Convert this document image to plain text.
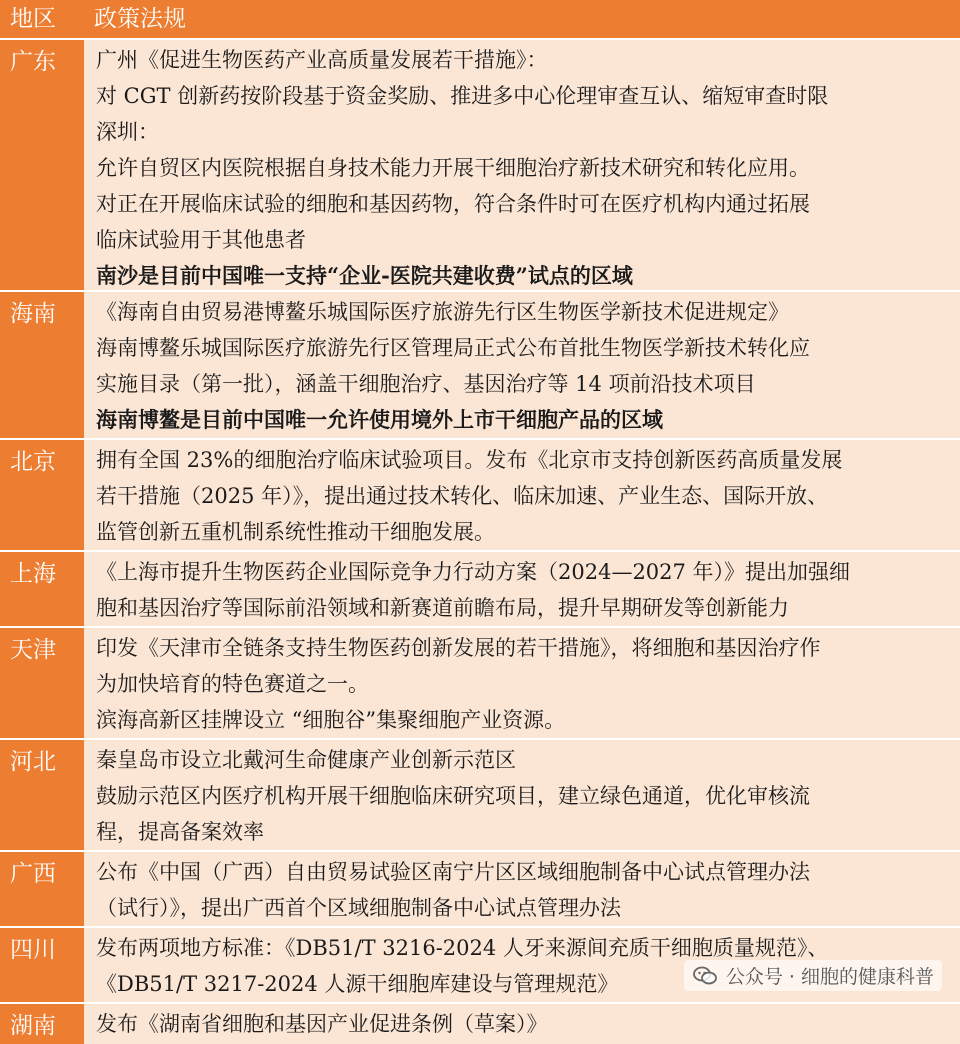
地区	政策法规
广东	广州《促进生物医药产业高质量发展若干措施》：
对 CGT 创新药按阶段基于资金奖励、推进多中心伦理审查互认、缩短审查时限
深圳：
允许自贸区内医院根据自身技术能力开展干细胞治疗新技术研究和转化应用。
对正在开展临床试验的细胞和基因药物，符合条件时可在医疗机构内通过拓展
临床试验用于其他患者
南沙是目前中国唯一支持“企业-医院共建收费”试点的区域
海南	《海南自由贸易港博鳌乐城国际医疗旅游先行区生物医学新技术促进规定》
海南博鳌乐城国际医疗旅游先行区管理局正式公布首批生物医学新技术转化应
实施目录（第一批），涵盖干细胞治疗、基因治疗等 14 项前沿技术项目
海南博鳌是目前中国唯一允许使用境外上市干细胞产品的区域
北京	拥有全国 23%的细胞治疗临床试验项目。发布《北京市支持创新医药高质量发展
若干措施（2025 年）》，提出通过技术转化、临床加速、产业生态、国际开放、
监管创新五重机制系统性推动干细胞发展。
上海	《上海市提升生物医药企业国际竞争力行动方案（2024—2027 年）》提出加强细
胞和基因治疗等国际前沿领域和新赛道前瞻布局，提升早期研发等创新能力
天津	印发《天津市全链条支持生物医药创新发展的若干措施》，将细胞和基因治疗作
为加快培育的特色赛道之一。
滨海高新区挂牌设立 “细胞谷”集聚细胞产业资源。
河北	秦皇岛市设立北戴河生命健康产业创新示范区
鼓励示范区内医疗机构开展干细胞临床研究项目，建立绿色通道，优化审核流
程，提高备案效率
广西	公布《中国（广西）自由贸易试验区南宁片区区域细胞制备中心试点管理办法
（试行）》，提出广西首个区域细胞制备中心试点管理办法
四川	发布两项地方标准：《DB51/T 3216-2024 人牙来源间充质干细胞质量规范》、
《DB51/T 3217-2024 人源干细胞库建设与管理规范》
湖南	发布《湖南省细胞和基因产业促进条例（草案）》
公众号 · 细胞的健康科普
